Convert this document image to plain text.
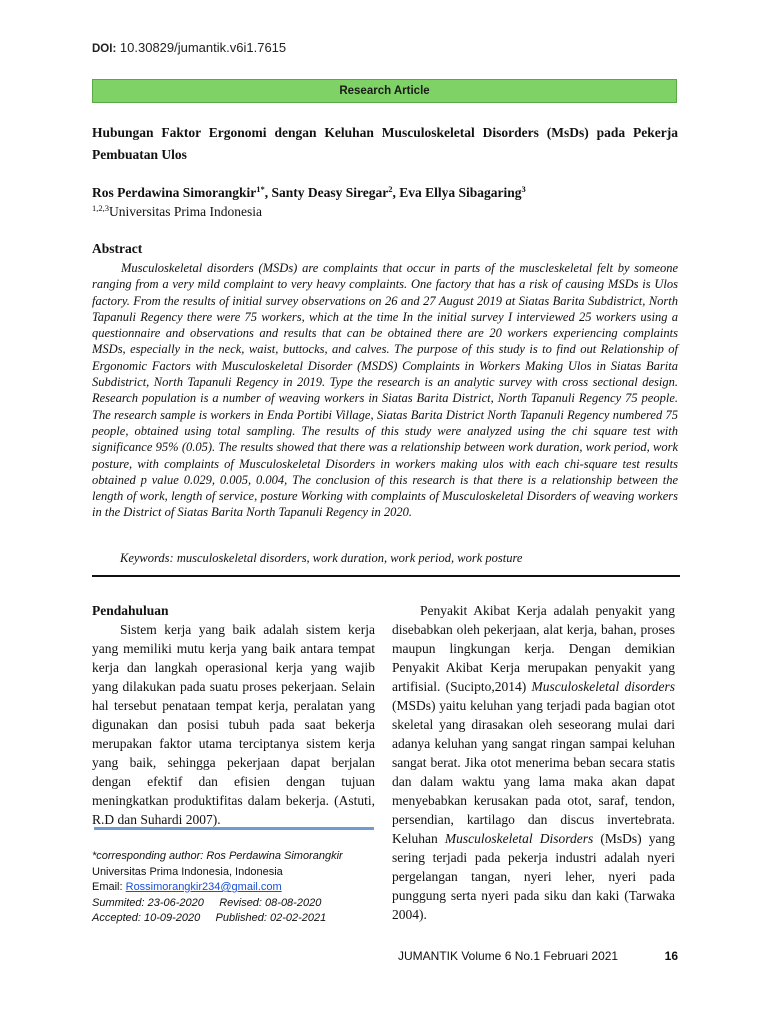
DOI: 10.30829/jumantik.v6i1.7615
Research Article
Hubungan Faktor Ergonomi dengan Keluhan Musculoskeletal Disorders (MsDs) pada Pekerja Pembuatan Ulos
Ros Perdawina Simorangkir$^{1*}$, Santy Deasy Siregar$^2$, Eva Ellya Sibagaring$^3$
$^{1,2,3}$Universitas Prima Indonesia
Abstract
Musculoskeletal disorders (MSDs) are complaints that occur in parts of the muscleskeletal felt by someone ranging from a very mild complaint to very heavy complaints. One factory that has a risk of causing MSDs is Ulos factory. From the results of initial survey observations on 26 and 27 August 2019 at Siatas Barita Subdistrict, North Tapanuli Regency there were 75 workers, which at the time In the initial survey I interviewed 25 workers using a questionnaire and observations and results that can be obtained there are 20 workers experiencing complaints MSDs, especially in the neck, waist, buttocks, and calves. The purpose of this study is to find out Relationship of Ergonomic Factors with Musculoskeletal Disorder (MSDS) Complaints in Workers Making Ulos in Siatas Barita Subdistrict, North Tapanuli Regency in 2019. Type the research is an analytic survey with cross sectional design. Research population is a number of weaving workers in Siatas Barita District, North Tapanuli Regency 75 people. The research sample is workers in Enda Portibi Village, Siatas Barita District North Tapanuli Regency numbered 75 people, obtained using total sampling. The results of this study were analyzed using the chi square test with significance 95% (0.05). The results showed that there was a relationship between work duration, work period, work posture, with complaints of Musculoskeletal Disorders in workers making ulos with each chi-square test results obtained p value 0.029, 0.005, 0.004, The conclusion of this research is that there is a relationship between the length of work, length of service, posture Working with complaints of Musculoskeletal Disorders of weaving workers in the District of Siatas Barita North Tapanuli Regency in 2020.
Keywords: musculoskeletal disorders, work duration, work period, work posture
Pendahuluan

Sistem kerja yang baik adalah sistem kerja yang memiliki mutu kerja yang baik antara tempat kerja dan langkah operasional kerja yang wajib yang dilakukan pada suatu proses pekerjaan. Selain hal tersebut penataan tempat kerja, peralatan yang digunakan dan posisi tubuh pada saat bekerja merupakan faktor utama terciptanya sistem kerja yang baik, sehingga pekerjaan dapat berjalan dengan efektif dan efisien dengan tujuan meningkatkan produktifitas dalam bekerja. (Astuti, R.D dan Suhardi 2007).

*corresponding author: Ros Perdawina Simorangkir
Universitas Prima Indonesia, Indonesia
Email: Rossimorangkir234@gmail.com
Summited: 23-06-2020 Revised: 08-08-2020
Accepted: 10-09-2020 Published: 02-02-2021

Penyakit Akibat Kerja adalah penyakit yang disebabkan oleh pekerjaan, alat kerja, bahan, proses maupun lingkungan kerja. Dengan demikian Penyakit Akibat Kerja merupakan penyakit yang artifisial. (Sucipto,2014) Musculoskeletal disorders (MSDs) yaitu keluhan yang terjadi pada bagian otot skeletal yang dirasakan oleh seseorang mulai dari adanya keluhan yang sangat ringan sampai keluhan sangat berat. Jika otot menerima beban secara statis dan dalam waktu yang lama maka akan dapat menyebabkan kerusakan pada otot, saraf, tendon, persendian, kartilago dan discus invertebrata. Keluhan Musculoskeletal Disorders (MsDs) yang sering terjadi pada pekerja industri adalah nyeri pergelangan tangan, nyeri leher, nyeri pada punggung serta nyeri pada siku dan kaki (Tarwaka 2004).

JUMANTIK Volume 6 No.1 Februari 2021	16
